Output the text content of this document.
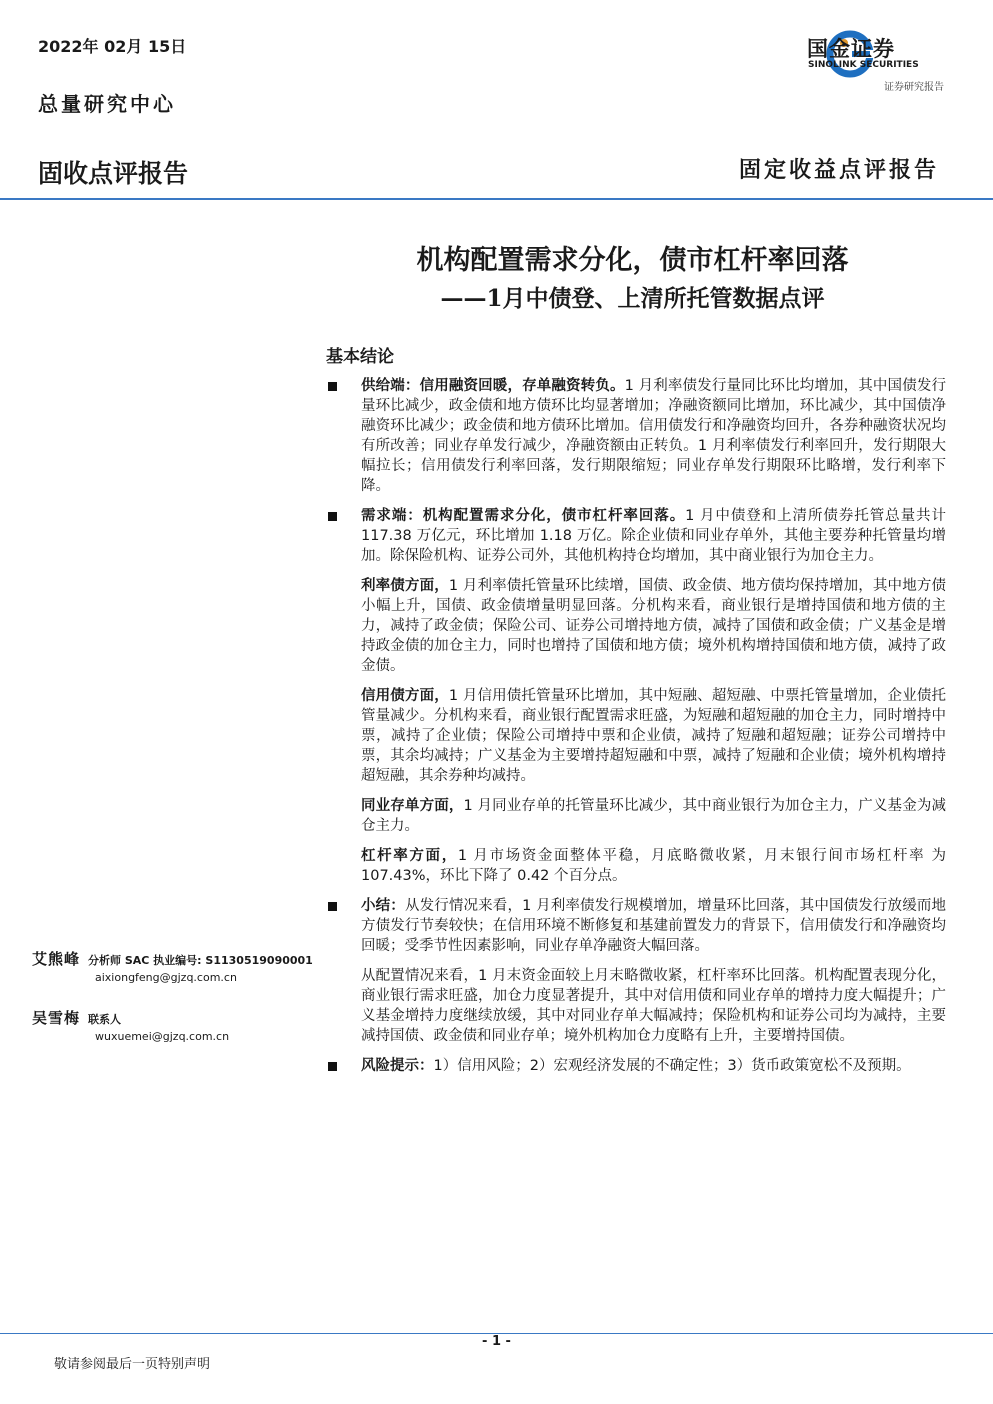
2022年 02月 15日
总量研究中心
固收点评报告	固定收益点评报告
国金证券
SINOLINK SECURITIES
证券研究报告
机构配置需求分化，债市杠杆率回落
——1月中债登、上清所托管数据点评
基本结论
供给端：信用融资回暖，存单融资转负。1 月利率债发行量同比环比均增加，其中国债发行量环比减少，政金债和地方债环比均显著增加；净融资额同比增加，环比减少，其中国债净融资环比减少；政金债和地方债环比增加。信用债发行和净融资均回升，各券种融资状况均有所改善；同业存单发行减少，净融资额由正转负。1 月利率债发行利率回升，发行期限大幅拉长；信用债发行利率回落，发行期限缩短；同业存单发行期限环比略增，发行利率下降。
需求端：机构配置需求分化，债市杠杆率回落。1 月中债登和上清所债券托管总量共计 117.38 万亿元，环比增加 1.18 万亿。除企业债和同业存单外，其他主要券种托管量均增加。除保险机构、证券公司外，其他机构持仓均增加，其中商业银行为加仓主力。
利率债方面，1 月利率债托管量环比续增，国债、政金债、地方债均保持增加，其中地方债小幅上升，国债、政金债增量明显回落。分机构来看，商业银行是增持国债和地方债的主力，减持了政金债；保险公司、证券公司增持地方债，减持了国债和政金债；广义基金是增持政金债的加仓主力，同时也增持了国债和地方债；境外机构增持国债和地方债，减持了政金债。
信用债方面，1 月信用债托管量环比增加，其中短融、超短融、中票托管量增加，企业债托管量减少。分机构来看，商业银行配置需求旺盛，为短融和超短融的加仓主力，同时增持中票，减持了企业债；保险公司增持中票和企业债，减持了短融和超短融；证券公司增持中票，其余均减持；广义基金为主要增持超短融和中票，减持了短融和企业债；境外机构增持超短融，其余券种均减持。
同业存单方面，1 月同业存单的托管量环比减少，其中商业银行为加仓主力，广义基金为减仓主力。
杠杆率方面，1 月市场资金面整体平稳，月底略微收紧，月末银行间市场杠杆率 为 107.43%，环比下降了 0.42 个百分点。
小结：从发行情况来看，1 月利率债发行规模增加，增量环比回落，其中国债发行放缓而地方债发行节奏较快；在信用环境不断修复和基建前置发力的背景下，信用债发行和净融资均回暖；受季节性因素影响，同业存单净融资大幅回落。
从配置情况来看，1 月末资金面较上月末略微收紧，杠杆率环比回落。机构配置表现分化，商业银行需求旺盛，加仓力度显著提升，其中对信用债和同业存单的增持力度大幅提升；广义基金增持力度继续放缓，其中对同业存单大幅减持；保险机构和证券公司均为减持，主要减持国债、政金债和同业存单；境外机构加仓力度略有上升，主要增持国债。
风险提示：1）信用风险；2）宏观经济发展的不确定性；3）货币政策宽松不及预期。
艾熊峰 分析师 SAC 执业编号: S1130519090001
aixiongfeng@gjzq.com.cn
吴雪梅 联系人
wuxuemei@gjzq.com.cn
- 1 -
敬请参阅最后一页特别声明
